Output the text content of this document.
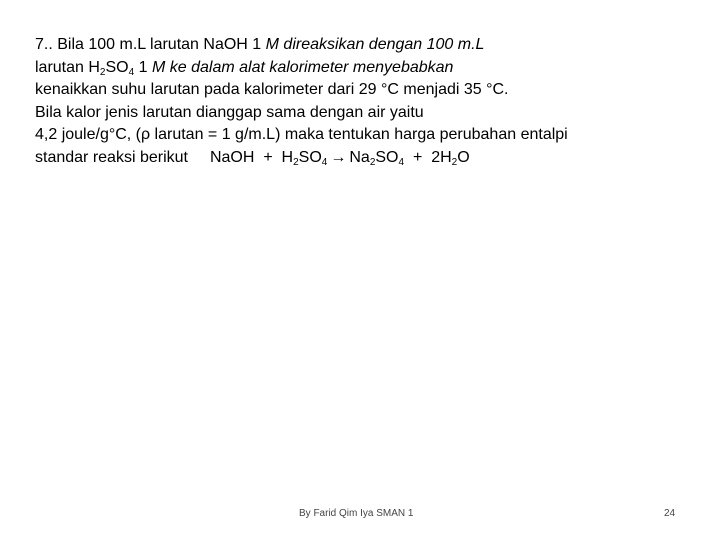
7.. Bila 100 m.L larutan NaOH 1 M direaksikan dengan 100 m.L
larutan $H_2SO_4$ 1 M ke dalam alat kalorimeter menyebabkan
kenaikkan suhu larutan pada kalorimeter dari 29 °C menjadi 35 °C.
Bila kalor jenis larutan dianggap sama dengan air yaitu
4,2 joule/g°C, (ρ larutan = 1 g/m.L) maka tentukan harga perubahan entalpi
standar reaksi berikut NaOH  +  $H_2SO_4 \to Na_2SO_4 + 2H_2O$
By Farid Qim Iya SMAN 1	24
